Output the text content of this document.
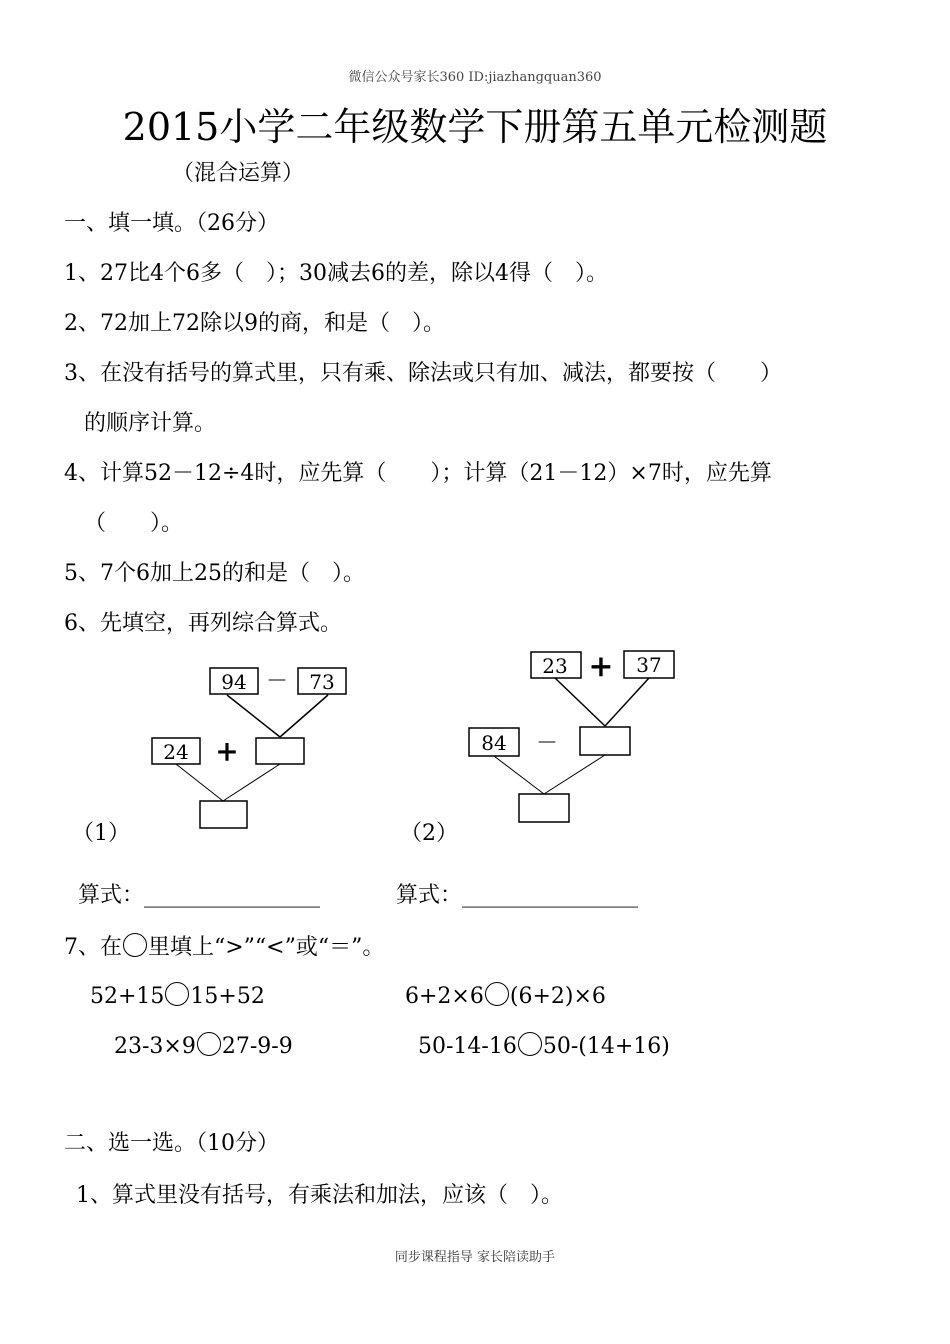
微信公众号家长360 ID:jiazhangquan360
2015小学二年级数学下册第五单元检测题
（混合运算）
一、填一填。（26分）
1、27比4个6多（　）；30减去6的差，除以4得（　）。
2、72加上72除以9的商，和是（　）。
3、在没有括号的算式里，只有乘、除法或只有加、减法，都要按（　　）
的顺序计算。
4、计算52－12÷4时，应先算（　　）；计算（21－12）×7时，应先算
（　　）。
5、7个6加上25的和是（　）。
6、先填空，再列综合算式。
94 － 73
24 +
（1）
23 + 37
84 －
（2）
算式：________________	算式：________________
7、在 里填上“>”“<”或“＝”。
52+15 15+52	6+2×6 (6+2)×6
23-3×9 27-9-9	50-14-16 50-(14+16)
二、选一选。（10分）
1、算式里没有括号，有乘法和加法，应该（　）。
同步课程指导 家长陪读助手
